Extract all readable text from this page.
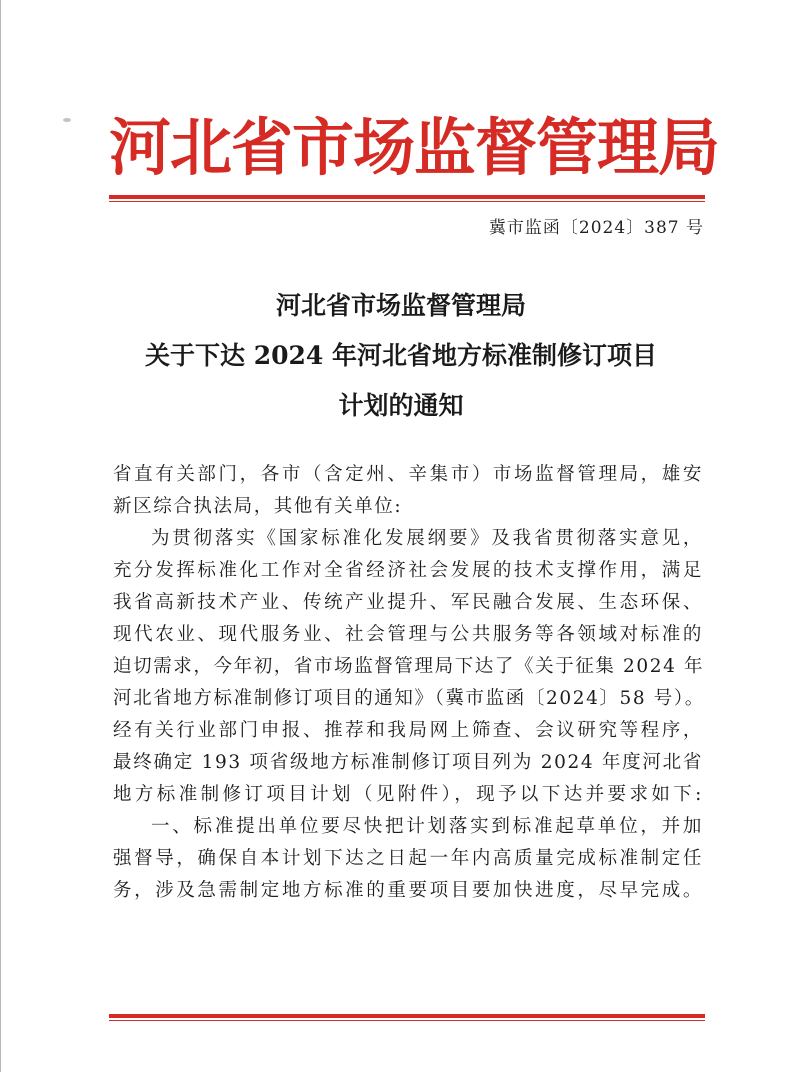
河北省市场监督管理局
冀市监函〔2024〕387 号
河北省市场监督管理局
关于下达 2024 年河北省地方标准制修订项目
计划的通知
省直有关部门，各市（含定州、辛集市）市场监督管理局，雄安
新区综合执法局，其他有关单位:
为贯彻落实《国家标准化发展纲要》及我省贯彻落实意见，
充分发挥标准化工作对全省经济社会发展的技术支撑作用，满足
我省高新技术产业、传统产业提升、军民融合发展、生态环保、
现代农业、现代服务业、社会管理与公共服务等各领域对标准的
迫切需求，今年初，省市场监督管理局下达了《关于征集 2024 年
河北省地方标准制修订项目的通知》（冀市监函〔2024〕58 号）。
经有关行业部门申报、推荐和我局网上筛查、会议研究等程序，
最终确定 193 项省级地方标准制修订项目列为 2024 年度河北省
地方标准制修订项目计划（见附件），现予以下达并要求如下:
一、标准提出单位要尽快把计划落实到标准起草单位，并加
强督导，确保自本计划下达之日起一年内高质量完成标准制定任
务，涉及急需制定地方标准的重要项目要加快进度，尽早完成。
